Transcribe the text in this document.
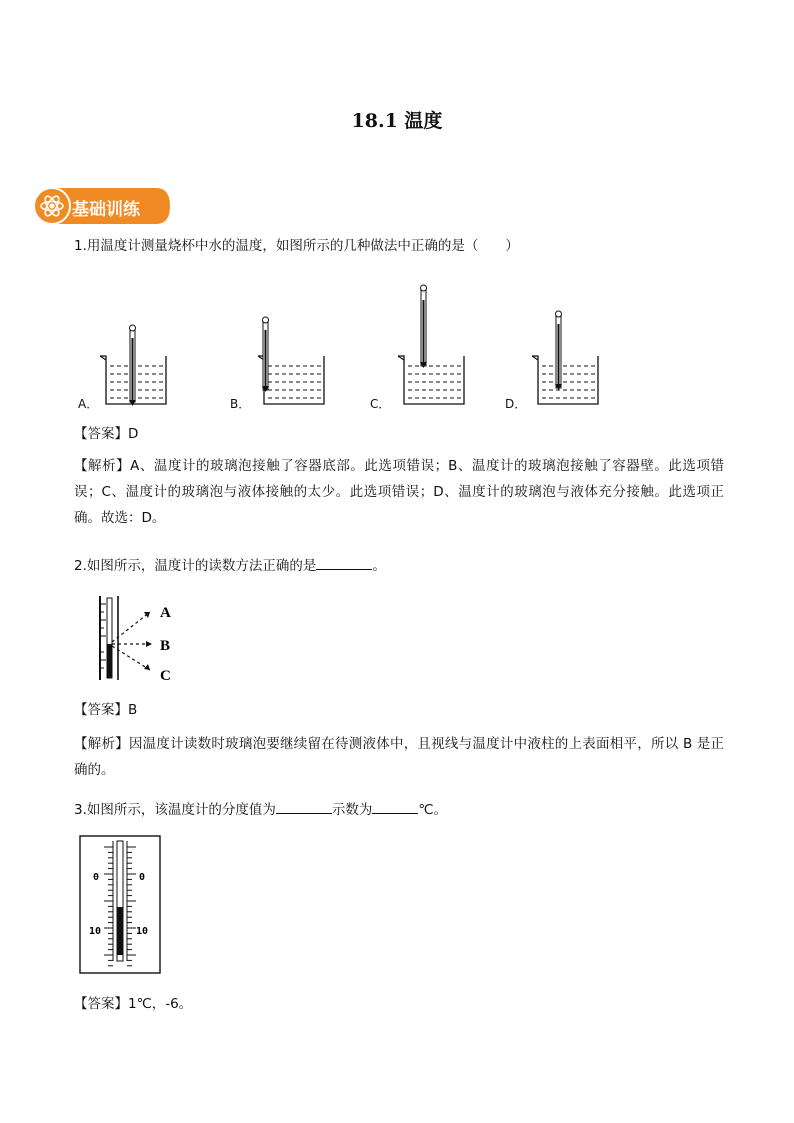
18.1 温度
基础训练
1.用温度计测量烧杯中水的温度，如图所示的几种做法中正确的是（　　）
A．	B．	C．	D．
【答案】D
【解析】A、温度计的玻璃泡接触了容器底部。此选项错误；B、温度计的玻璃泡接触了容器壁。此选项错误；C、温度计的玻璃泡与液体接触的太少。此选项错误；D、温度计的玻璃泡与液体充分接触。此选项正确。故选：D。
2.如图所示，温度计的读数方法正确的是	。
A
B
C
【答案】B
【解析】因温度计读数时玻璃泡要继续留在待测液体中，且视线与温度计中液柱的上表面相平，所以 B 是正确的。
3.如图所示，该温度计的分度值为	示数为	℃。
0	0
10	10
【答案】1℃，-6。
